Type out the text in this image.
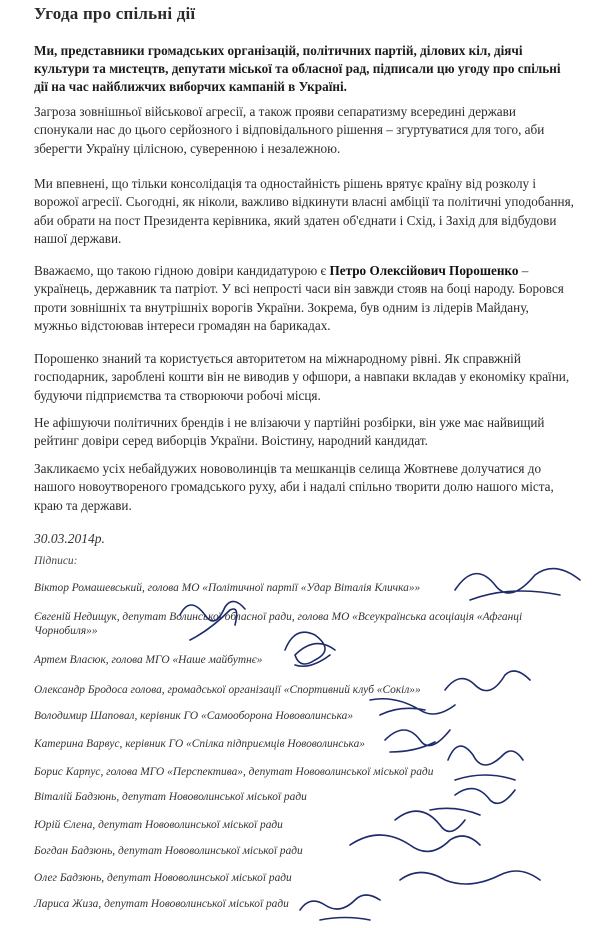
Угода про спільні дії
Ми, представники громадських організацій, політичних партій, ділових кіл, діячі культури та мистецтв, депутати міської та обласної рад, підписали цю угоду про спільні дії на час найближчих виборчих кампаній в Україні.
Загроза зовнішньої військової агресії, а також прояви сепаратизму всередині держави спонукали нас до цього серйозного і відповідального рішення – згуртуватися для того, аби зберегти Україну цілісною, суверенною і незалежною.
Ми впевнені, що тільки консолідація та одностайність рішень врятує країну від розколу і ворожої агресії. Сьогодні, як ніколи, важливо відкинути власні амбіції та політичні уподобання, аби обрати на пост Президента керівника, який здатен об'єднати і Схід, і Захід для відбудови нашої держави.
Вважаємо, що такою гідною довіри кандидатурою є Петро Олексійович Порошенко – українець, державник та патріот. У всі непрості часи він завжди стояв на боці народу. Боровся проти зовнішніх та внутрішніх ворогів України. Зокрема, був одним із лідерів Майдану, мужньо відстоював інтереси громадян на барикадах.
Порошенко знаний та користується авторитетом на міжнародному рівні. Як справжній господарник, зароблені кошти він не виводив у офшори, а навпаки вкладав у економіку країни, будуючи підприємства та створюючи робочі місця.
Не афішуючи політичних брендів і не влізаючи у партійні розбірки, він уже має найвищий рейтинг довіри серед виборців України. Воістину, народний кандидат.
Закликаємо усіх небайдужих нововолинців та мешканців селища Жовтневе долучатися до нашого новоутвореного громадського руху, аби і надалі спільно творити долю нашого міста, краю та держави.
30.03.2014р.
Підписи:
Віктор Ромашевський, голова МО «Політичної партії «Удар Віталія Кличка»»
Євгеній Недищук, депутат Волинської обласної ради, голова МО «Всеукраїнська асоціація «Афганці Чорнобиля»»
Артем Власюк, голова МГО «Наше майбутнє»
Олександр Бродоса голова, громадської організації «Спортивний клуб «Сокіл»»
Володимир Шаповал, керівник ГО «Самооборона Нововолинська»
Катерина Варвус, керівник ГО «Спілка підприємців Нововолинська»
Борис Карпус, голова МГО «Перспектива», депутат Нововолинської міської ради
Віталій Бадзюнь, депутат Нововолинської міської ради
Юрій Єлена, депутат Нововолинської міської ради
Богдан Бадзюнь, депутат Нововолинської міської ради
Олег Бадзюнь, депутат Нововолинської міської ради
Лариса Жиза, депутат Нововолинської міської ради
